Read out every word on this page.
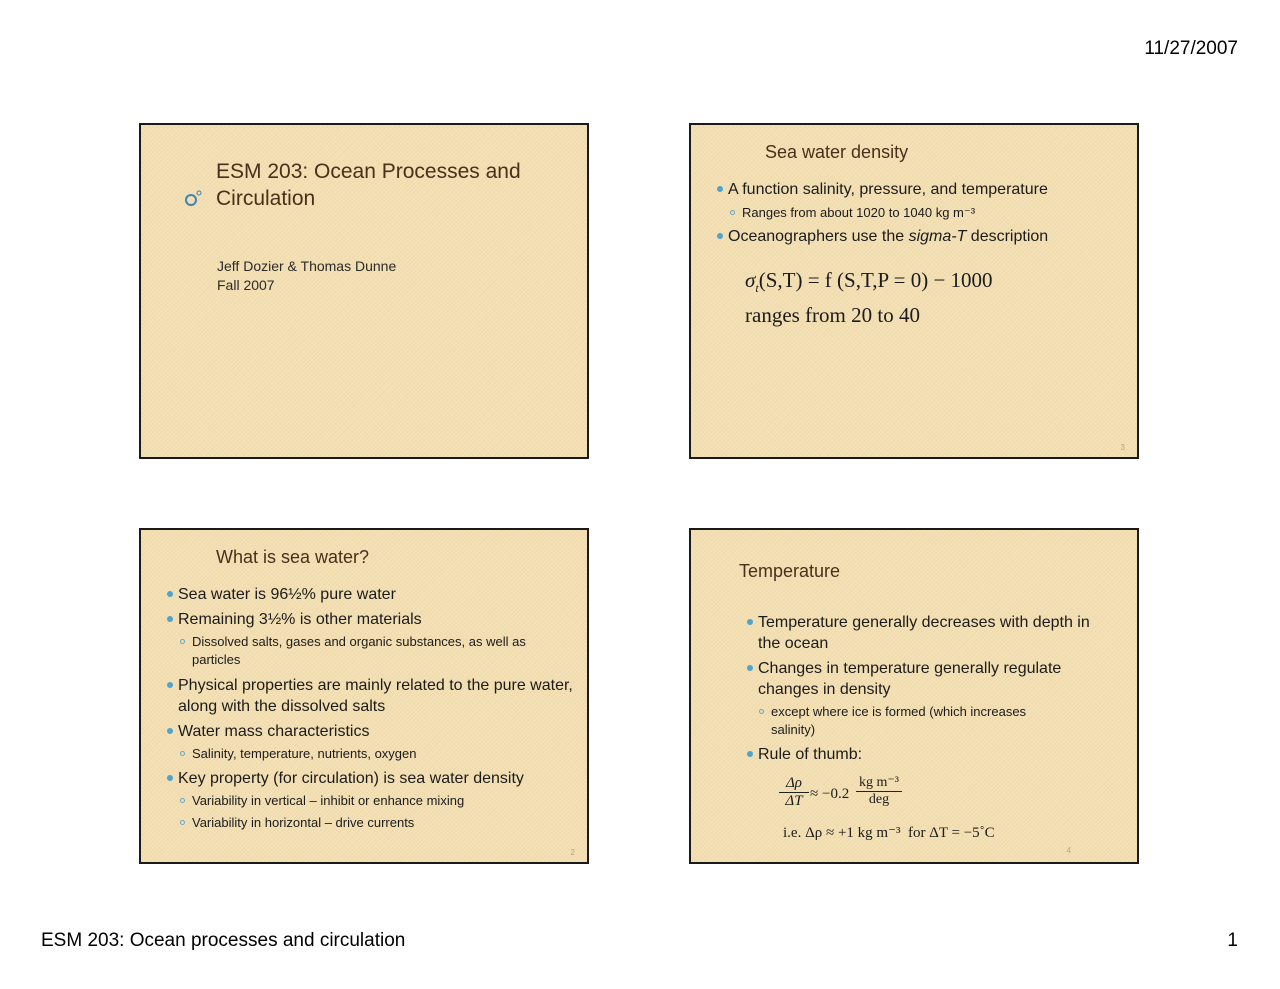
11/27/2007
ESM 203: Ocean Processes and
Circulation
Jeff Dozier & Thomas Dunne
Fall 2007
Sea water density
A function salinity, pressure, and temperature
Ranges from about 1020 to 1040 kg m⁻³
Oceanographers use the sigma-T description
$\sigma_t(S,T) = f$ (S,T,P = 0) − 1000
ranges from 20 to 40
3
What is sea water?
Sea water is 96½% pure water
Remaining 3½% is other materials
Dissolved salts, gases and organic substances, as well as
particles
Physical properties are mainly related to the pure water,
along with the dissolved salts
Water mass characteristics
Salinity, temperature, nutrients, oxygen
Key property (for circulation) is sea water density
Variability in vertical – inhibit or enhance mixing
Variability in horizontal – drive currents
2
Temperature
Temperature generally decreases with depth in
the ocean
Changes in temperature generally regulate
changes in density
except where ice is formed (which increases
salinity)
Rule of thumb:
$\frac{\Delta\rho}{\Delta T} \approx -0.2$
kg m⁻³
deg
i.e. Δρ ≈ +1 kg m⁻³  for ΔT = −5˚C
4
ESM 203: Ocean processes and circulation	1
